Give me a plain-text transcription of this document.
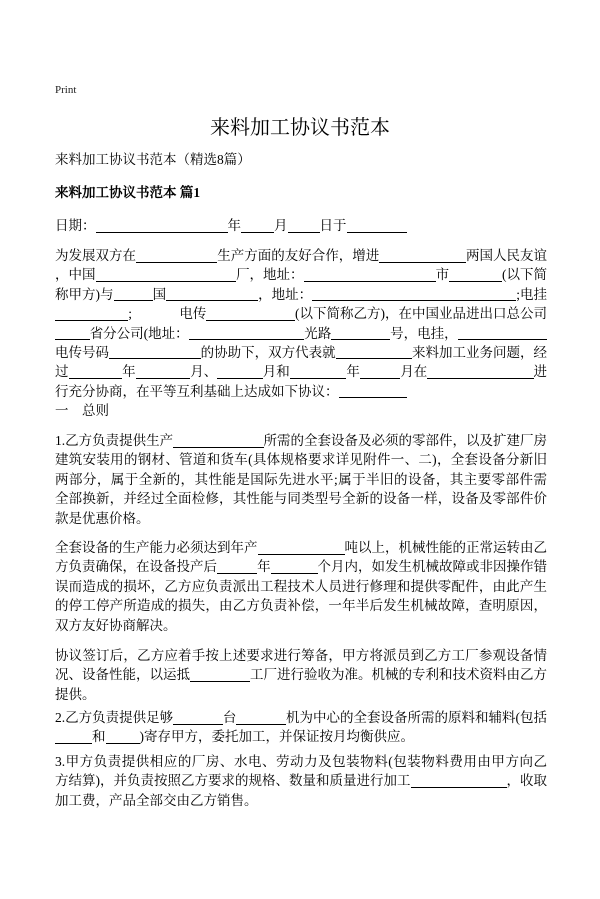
Print
来料加工协议书范本
来料加工协议书范本（精选8篇）
来料加工协议书范本 篇1
日期：	年 月 日于
为发展双方在	生产方面的友好合作，增进	两国人民友谊
，中国	厂，地址：	市	(以下简
称甲方)与	国	，地址：	;电挂
;	电传	(以下简称乙方)，在中国业品进出口总公司
省分公司(地址：	光路	号，电挂，
电传号码	的协助下，双方代表就	来料加工业务问题，经
过	年	月、	月和	年	月在	进
行充分协商，在平等互利基础上达成如下协议：
一　总则
1.乙方负责提供生产	所需的全套设备及必须的零部件，以及扩建厂房
建筑安装用的钢材、管道和货车(具体规格要求详见附件一、二)，全套设备分新旧
两部分，属于全新的，其性能是国际先进水平;属于半旧的设备，其主要零部件需
全部换新，并经过全面检修，其性能与同类型号全新的设备一样，设备及零部件价
款是优惠价格。
全套设备的生产能力必须达到年产	吨以上，机械性能的正常运转由乙
方负责确保，在设备投产后	年	个月内，如发生机械故障或非因操作错
误而造成的损坏，乙方应负责派出工程技术人员进行修理和提供零配件，由此产生
的停工停产所造成的损失，由乙方负责补偿，一年半后发生机械故障，查明原因，
双方友好协商解决。
协议签订后，乙方应着手按上述要求进行筹备，甲方将派员到乙方工厂参观设备情
况、设备性能，以运抵	工厂进行验收为准。机械的专利和技术资料由乙方
提供。
2.乙方负责提供足够	台	机为中心的全套设备所需的原料和辅料(包括
和	)寄存甲方，委托加工，并保证按月均衡供应。
3.甲方负责提供相应的厂房、水电、劳动力及包装物料(包装物料费用由甲方向乙
方结算)，并负责按照乙方要求的规格、数量和质量进行加工	，收取
加工费，产品全部交由乙方销售。
